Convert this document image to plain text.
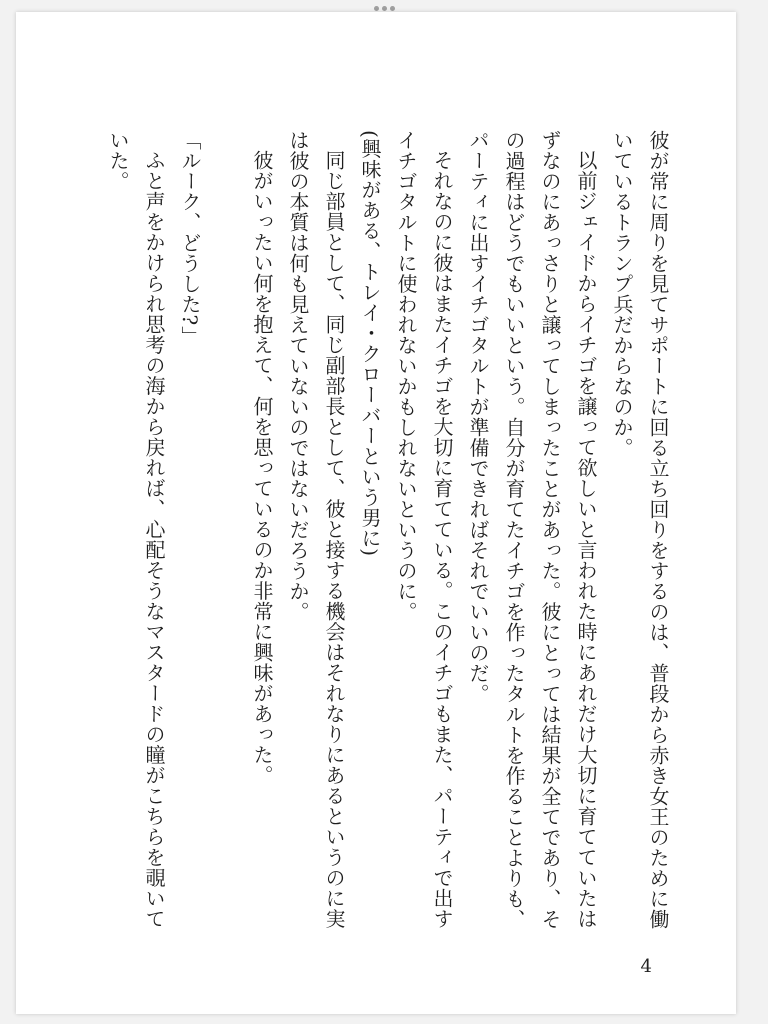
彼が常に周りを見てサポートに回る立ち回りをするのは、普段から赤き女王のために働いているトランプ兵だからなのか。

以前ジェイドからイチゴを譲って欲しいと言われた時にあれだけ大切に育てていたはずなのにあっさりと譲ってしまったことがあった。彼にとっては結果が全てであり、その過程はどうでもいいという。自分が育てたイチゴを作ったタルトを作ることよりも、パーティに出すイチゴタルトが準備できればそれでいいのだ。

それなのに彼はまたイチゴを大切に育てている。このイチゴもまた、パーティで出すイチゴタルトに使われないかもしれないというのに。

(興味がある、トレイ・クローバーという男に)

同じ部員として、同じ副部長として、彼と接する機会はそれなりにあるというのに実は彼の本質は何も見えていないのではないだろうか。

彼がいったい何を抱えて、何を思っているのか非常に興味があった。

「ルーク、どうした?」

ふと声をかけられ思考の海から戻れば、心配そうなマスタードの瞳がこちらを覗いていた。

4
